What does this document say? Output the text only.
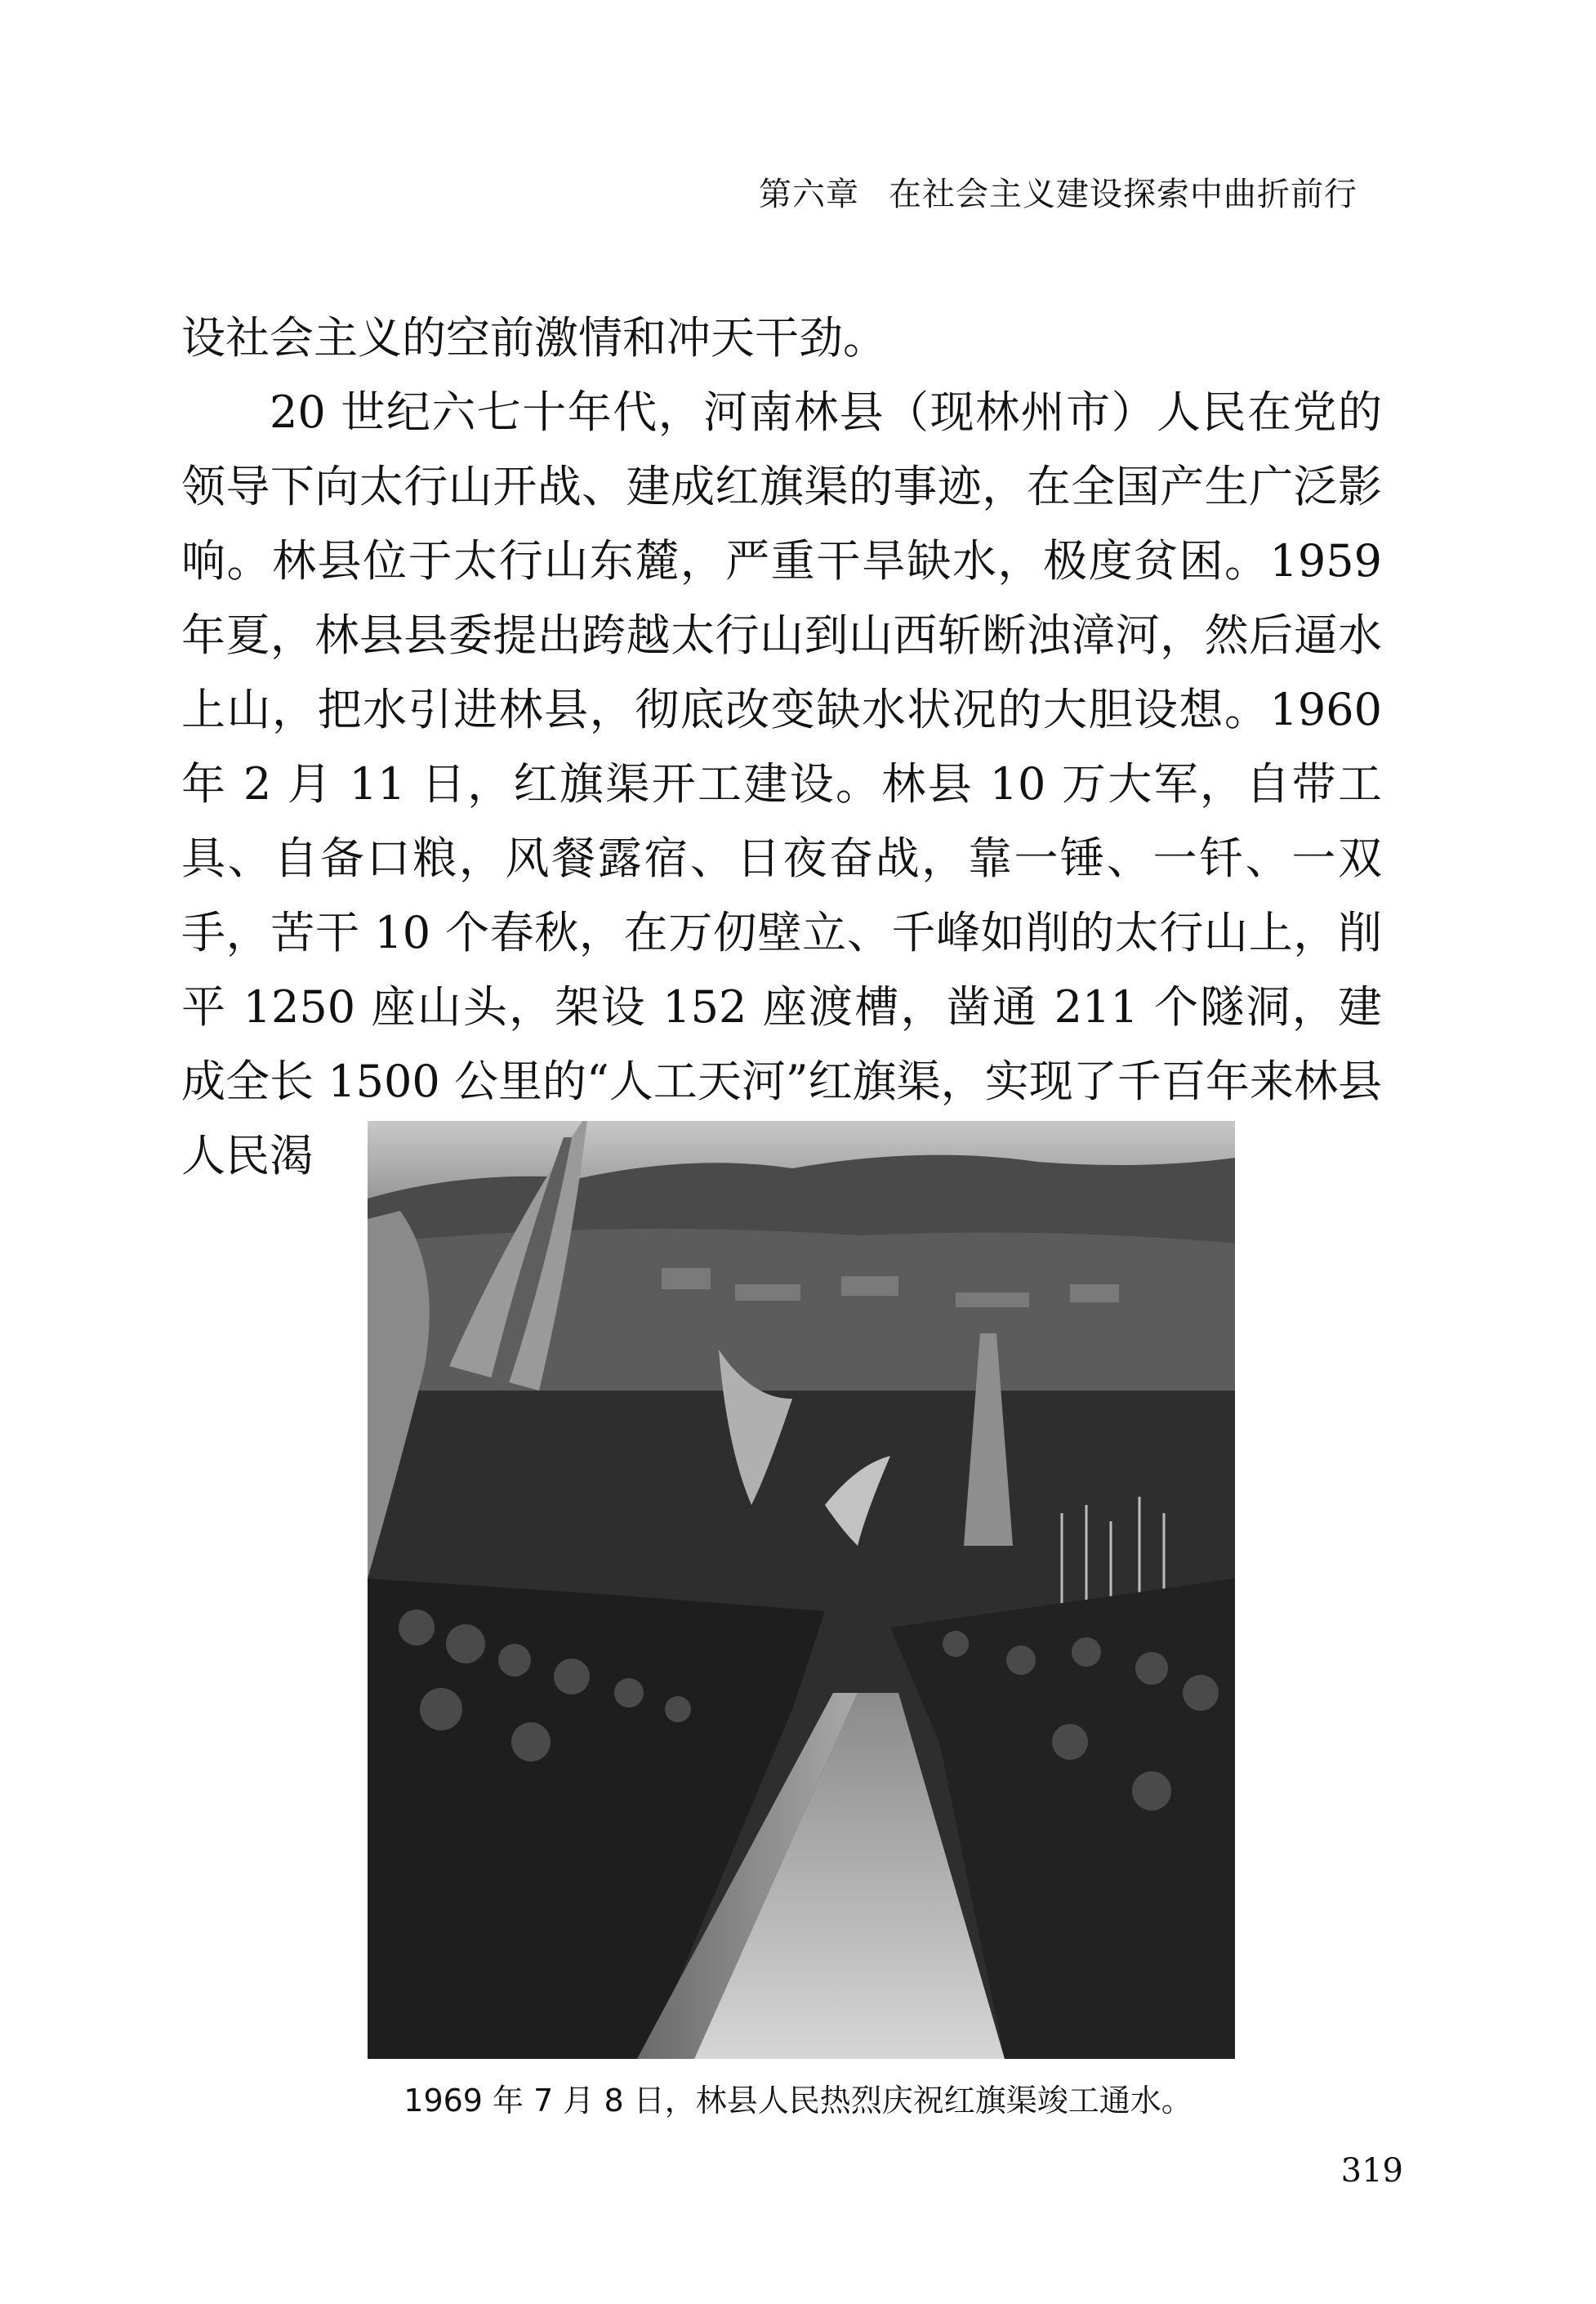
第六章 在社会主义建设探索中曲折前行

设社会主义的空前激情和冲天干劲。

20 世纪六七十年代，河南林县（现林州市）人民在党的领导下向太行山开战、建成红旗渠的事迹，在全国产生广泛影响。林县位于太行山东麓，严重干旱缺水，极度贫困。1959 年夏，林县县委提出跨越太行山到山西斩断浊漳河，然后逼水上山，把水引进林县，彻底改变缺水状况的大胆设想。1960 年 2 月 11 日，红旗渠开工建设。林县 10 万大军，自带工具、自备口粮，风餐露宿、日夜奋战，靠一锤、一钎、一双手，苦干 10 个春秋，在万仞壁立、千峰如削的太行山上，削平 1250 座山头，架设 152 座渡槽，凿通 211 个隧洞，建成全长 1500 公里的“人工天河”红旗渠，实现了千百年来林县人民渴

1969 年 7 月 8 日，林县人民热烈庆祝红旗渠竣工通水。
319
